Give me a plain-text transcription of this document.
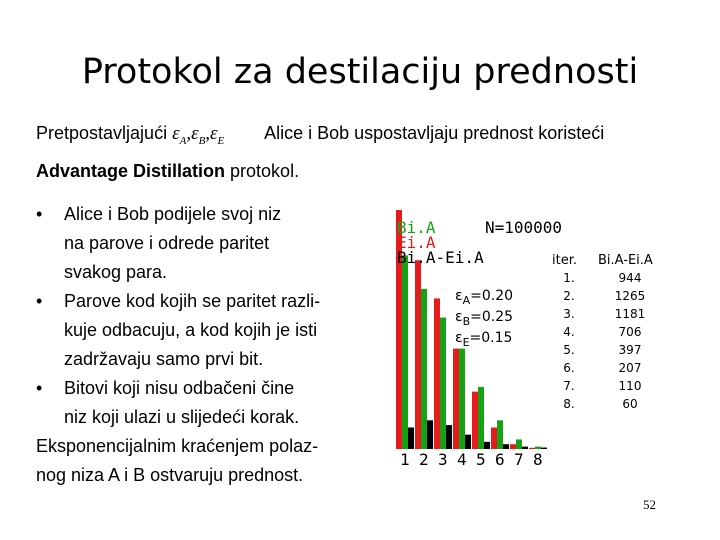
Protokol za destilaciju prednosti
Pretpostavljajući $\varepsilon_A,\varepsilon_B,\varepsilon_E$ Alice i Bob uspostavljaju prednost koristeći
Advantage Distillation protokol.
•	Alice i Bob podijele svoj niz
na parove i odrede paritet
svakog para.
•	Parove kod kojih se paritet razli-
kuje odbacuju, a kod kojih je isti
zadržavaju samo prvi bit.
•	Bitovi koji nisu odbačeni čine
niz koji ulazi u slijedeći korak.
Eksponencijalnim kraćenjem polaz-
nog niza A i B ostvaruju prednost.
Bi.A
Ei.A
Bi.A-Ei.A
N=100000
$\varepsilon_A=0.20$
$\varepsilon_B=0.25$
$\varepsilon_E=0.15$
iter. Bi.A-Ei.A
1.	944
2.	1265
3.	1181
4.	706
5.	397
6.	207
7.	110
8.	60
1 2 3 4 5 6 7 8
52
